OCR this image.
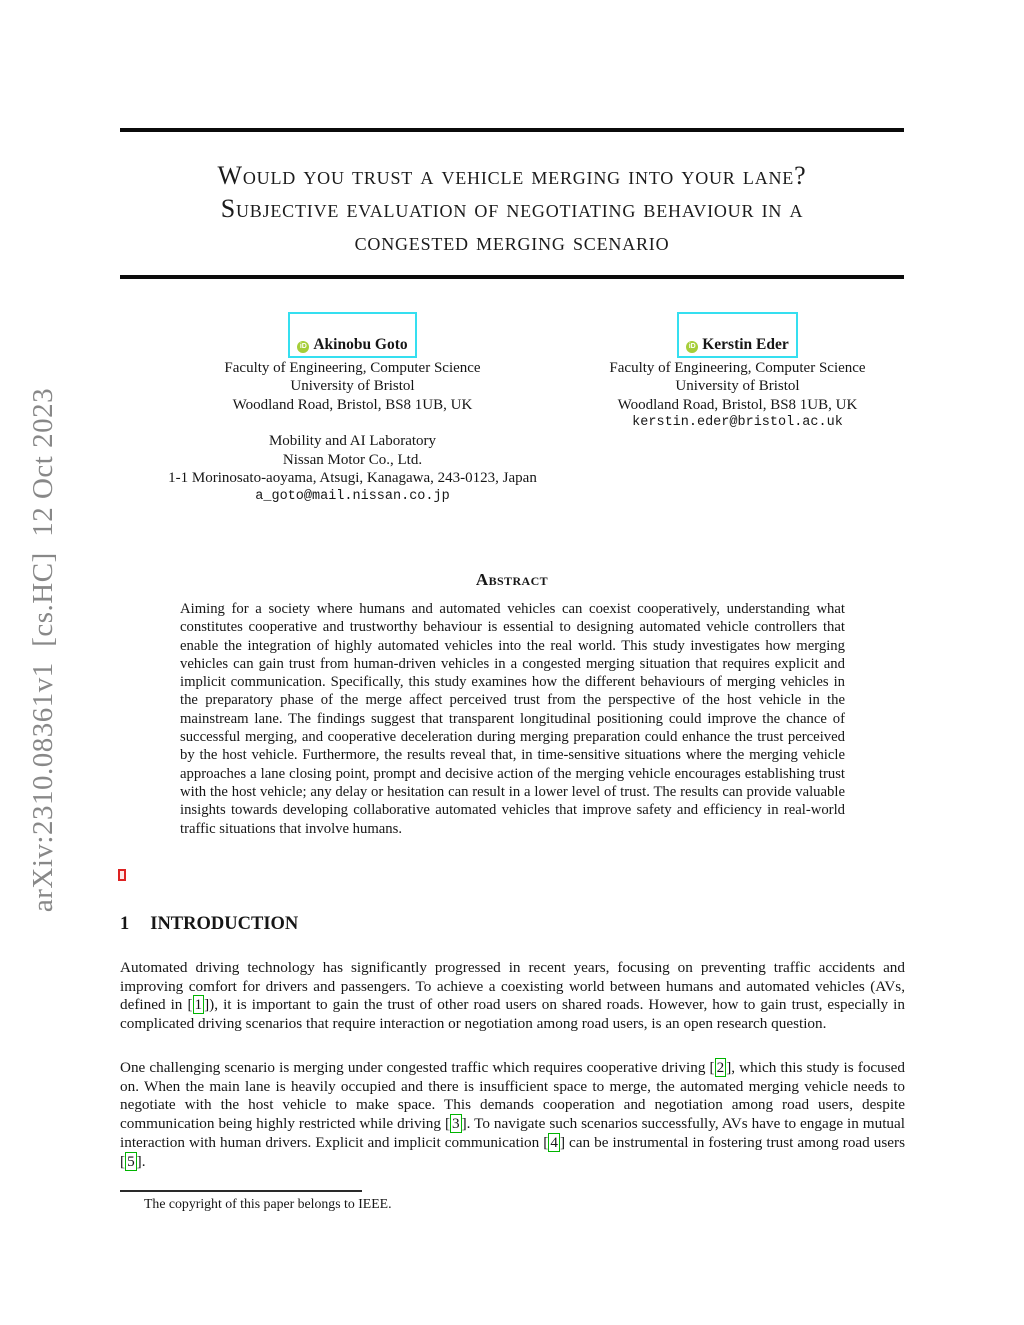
arXiv:2310.08361v1  [cs.HC]  12 Oct 2023
Would you trust a vehicle merging into your lane?
Subjective evaluation of negotiating behaviour in a
congested merging scenario
iD Akinobu Goto
Faculty of Engineering, Computer Science
University of Bristol
Woodland Road, Bristol, BS8 1UB, UK
Mobility and AI Laboratory
Nissan Motor Co., Ltd.
1-1 Morinosato-aoyama, Atsugi, Kanagawa, 243-0123, Japan
a_goto@mail.nissan.co.jp
iD Kerstin Eder
Faculty of Engineering, Computer Science
University of Bristol
Woodland Road, Bristol, BS8 1UB, UK
kerstin.eder@bristol.ac.uk
Abstract
Aiming for a society where humans and automated vehicles can coexist cooperatively, understanding what constitutes cooperative and trustworthy behaviour is essential to designing automated vehicle controllers that enable the integration of highly automated vehicles into the real world. This study investigates how merging vehicles can gain trust from human-driven vehicles in a congested merging situation that requires explicit and implicit communication. Specifically, this study examines how the different behaviours of merging vehicles in the preparatory phase of the merge affect perceived trust from the perspective of the host vehicle in the mainstream lane. The findings suggest that transparent longitudinal positioning could improve the chance of successful merging, and cooperative deceleration during merging preparation could enhance the trust perceived by the host vehicle. Furthermore, the results reveal that, in time-sensitive situations where the merging vehicle approaches a lane closing point, prompt and decisive action of the merging vehicle encourages establishing trust with the host vehicle; any delay or hesitation can result in a lower level of trust. The results can provide valuable insights towards developing collaborative automated vehicles that improve safety and efficiency in real-world traffic situations that involve humans.
1 INTRODUCTION
Automated driving technology has significantly progressed in recent years, focusing on preventing traffic accidents and improving comfort for drivers and passengers. To achieve a coexisting world between humans and automated vehicles (AVs, defined in [ 1 ]), it is important to gain the trust of other road users on shared roads. However, how to gain trust, especially in complicated driving scenarios that require interaction or negotiation among road users, is an open research question.
One challenging scenario is merging under congested traffic which requires cooperative driving [ 2 ], which this study is focused on. When the main lane is heavily occupied and there is insufficient space to merge, the automated merging vehicle needs to negotiate with the host vehicle to make space. This demands cooperation and negotiation among road users, despite communication being highly restricted while driving [ 3 ]. To navigate such scenarios successfully, AVs have to engage in mutual interaction with human drivers. Explicit and implicit communication [ 4 ] can be instrumental in fostering trust among road users [ 5 ].
The copyright of this paper belongs to IEEE.
